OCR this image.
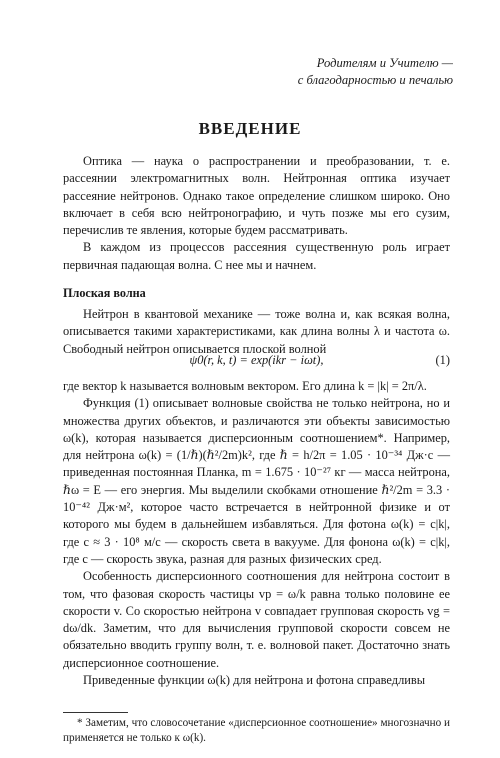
Родителям и Учителю —
с благодарностью и печалью
ВВЕДЕНИЕ

Оптика — наука о распространении и преобразовании, т. е. рассеянии электромагнитных волн. Нейтронная оптика изучает рассеяние нейтронов. Однако такое определение слишком широко. Оно включает в себя всю нейтронографию, и чуть позже мы его сузим, перечислив те явления, которые будем рассматривать.

В каждом из процессов рассеяния существенную роль играет первичная падающая волна. С нее мы и начнем.

Плоская волна

Нейтрон в квантовой механике — тоже волна и, как всякая волна, описывается такими характеристиками, как длина волны λ и частота ω. Свободный нейтрон описывается плоской волной

ψ0(r, k, t) = exp(ikr − iωt),	(1)

где вектор k называется волновым вектором. Его длина k = |k| = 2π/λ.

Функция (1) описывает волновые свойства не только нейтрона, но и множества других объектов, и различаются эти объекты зависимостью ω(k), которая называется дисперсионным соотношением*. Например, для нейтрона ω(k) = (1/ℏ)(ℏ²/2m)k², где ℏ = h/2π = 1.05 · 10⁻³⁴ Дж·с — приведенная постоянная Планка, m = 1.675 · 10⁻²⁷ кг — масса нейтрона, ℏω = E — его энергия. Мы выделили скобками отношение ℏ²/2m = 3.3 · 10⁻⁴² Дж·м², которое часто встречается в нейтронной физике и от которого мы будем в дальнейшем избавляться. Для фотона ω(k) = c|k|, где c ≈ 3 · 10⁸ м/с — скорость света в вакууме. Для фонона ω(k) = c|k|, где c — скорость звука, разная для разных физических сред.

Особенность дисперсионного соотношения для нейтрона состоит в том, что фазовая скорость частицы vp = ω/k равна только половине ее скорости v. Со скоростью нейтрона v совпадает групповая скорость vg = dω/dk. Заметим, что для вычисления групповой скорости совсем не обязательно вводить группу волн, т. е. волновой пакет. Достаточно знать дисперсионное соотношение.

Приведенные функции ω(k) для нейтрона и фотона справедливы

* Заметим, что словосочетание «дисперсионное соотношение» многозначно и применяется не только к ω(k).
